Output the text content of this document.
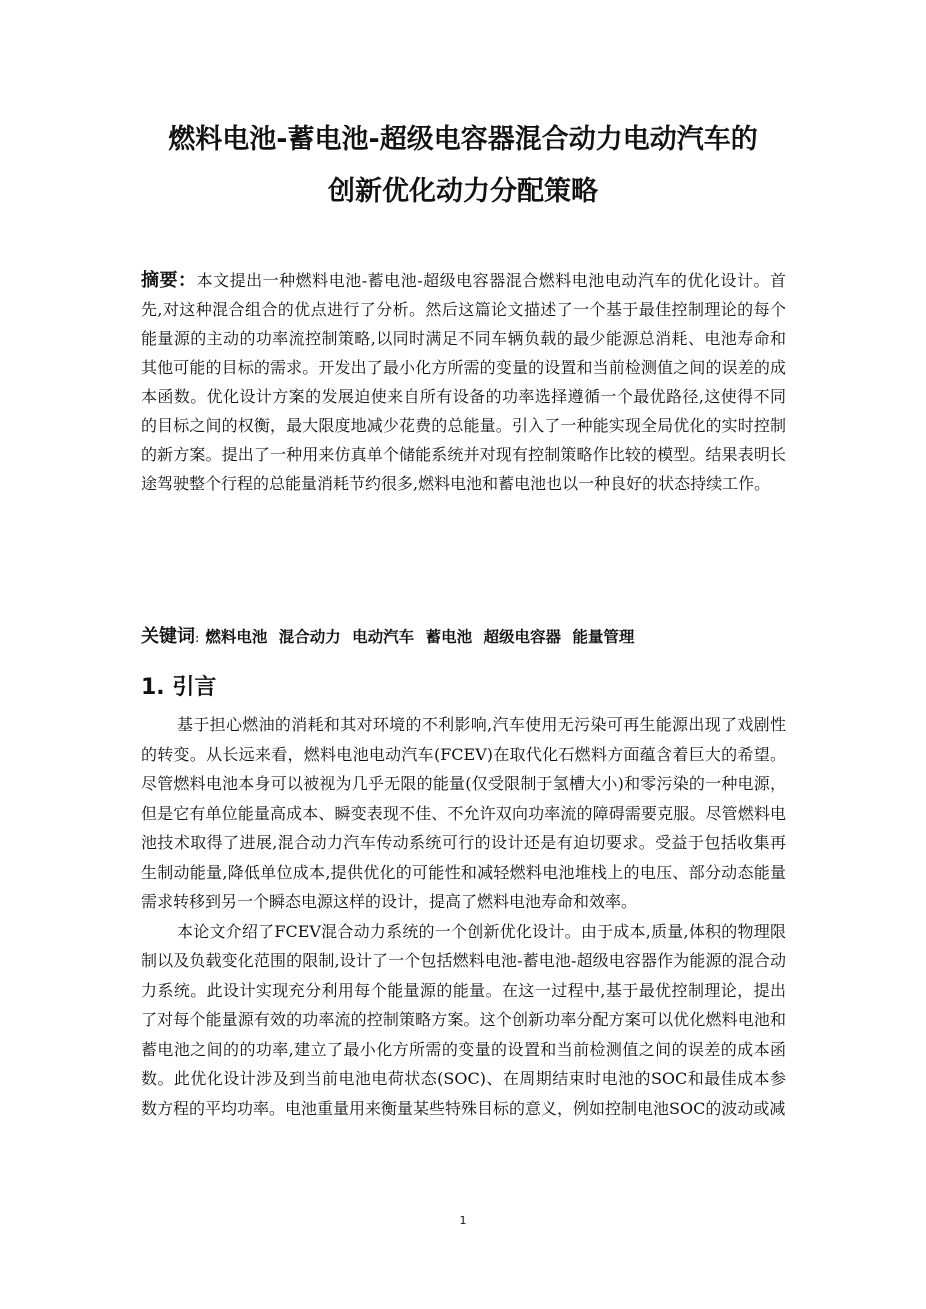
燃料电池-蓄电池-超级电容器混合动力电动汽车的
创新优化动力分配策略

摘要：本文提出一种燃料电池-蓄电池-超级电容器混合燃料电池电动汽车的优化设计。首先,对这种混合组合的优点进行了分析。然后这篇论文描述了一个基于最佳控制理论的每个能量源的主动的功率流控制策略,以同时满足不同车辆负载的最少能源总消耗、电池寿命和其他可能的目标的需求。开发出了最小化方所需的变量的设置和当前检测值之间的误差的成本函数。优化设计方案的发展迫使来自所有设备的功率选择遵循一个最优路径,这使得不同的目标之间的权衡，最大限度地减少花费的总能量。引入了一种能实现全局优化的实时控制的新方案。提出了一种用来仿真单个储能系统并对现有控制策略作比较的模型。结果表明长途驾驶整个行程的总能量消耗节约很多,燃料电池和蓄电池也以一种良好的状态持续工作。

关键词: 燃料电池 混合动力 电动汽车 蓄电池 超级电容器 能量管理

1. 引言

基于担心燃油的消耗和其对环境的不利影响,汽车使用无污染可再生能源出现了戏剧性的转变。从长远来看，燃料电池电动汽车(FCEV)在取代化石燃料方面蕴含着巨大的希望。尽管燃料电池本身可以被视为几乎无限的能量(仅受限制于氢槽大小)和零污染的一种电源，但是它有单位能量高成本、瞬变表现不佳、不允许双向功率流的障碍需要克服。尽管燃料电池技术取得了进展,混合动力汽车传动系统可行的设计还是有迫切要求。受益于包括收集再生制动能量,降低单位成本,提供优化的可能性和减轻燃料电池堆栈上的电压、部分动态能量需求转移到另一个瞬态电源这样的设计，提高了燃料电池寿命和效率。

本论文介绍了FCEV混合动力系统的一个创新优化设计。由于成本,质量,体积的物理限制以及负载变化范围的限制,设计了一个包括燃料电池-蓄电池-超级电容器作为能源的混合动力系统。此设计实现充分利用每个能量源的能量。在这一过程中,基于最优控制理论，提出了对每个能量源有效的功率流的控制策略方案。这个创新功率分配方案可以优化燃料电池和蓄电池之间的的功率,建立了最小化方所需的变量的设置和当前检测值之间的误差的成本函数。此优化设计涉及到当前电池电荷状态(SOC)、在周期结束时电池的SOC和最佳成本参数方程的平均功率。电池重量用来衡量某些特殊目标的意义，例如控制电池SOC的波动或减

1
